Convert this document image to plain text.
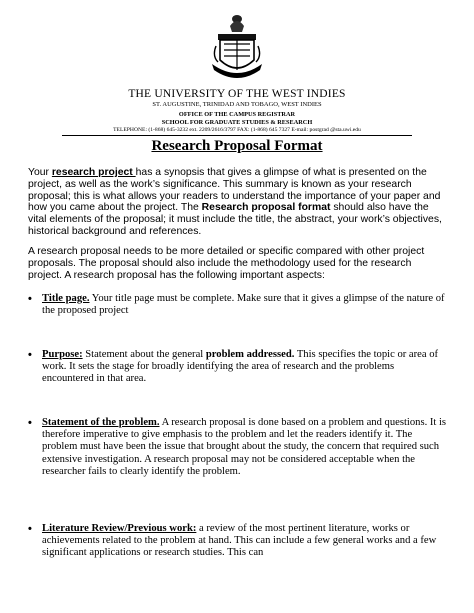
THE UNIVERSITY OF THE WEST INDIES
ST. AUGUSTINE, TRINIDAD AND TOBAGO, WEST INDIES
OFFICE OF THE CAMPUS REGISTRAR
SCHOOL FOR GRADUATE STUDIES & RESEARCH
TELEPHONE: (1-868) 645-3232 ext. 2209/2616/3797 FAX: (1-868) 645 7327 E-mail: postgrad @sta.uwi.edu
Research Proposal Format

Your research project has a synopsis that gives a glimpse of what is presented on the project, as well as the work’s significance. This summary is known as your research proposal; this is what allows your readers to understand the importance of your paper and how you came about the project. The Research proposal format should also have the vital elements of the proposal; it must include the title, the abstract, your work’s objectives, historical background and references.

A research proposal needs to be more detailed or specific compared with other project proposals. The proposal should also include the methodology used for the research project. A research proposal has the following important aspects:

• Title page. Your title page must be complete. Make sure that it gives a glimpse of the nature of the proposed project

• Purpose: Statement about the general problem addressed. This specifies the topic or area of work. It sets the stage for broadly identifying the area of research and the problems encountered in that area.

• Statement of the problem. A research proposal is done based on a problem and questions. It is therefore imperative to give emphasis to the problem and let the readers identify it. The problem must have been the issue that brought about the study, the concern that required such extensive investigation. A research proposal may not be considered acceptable when the researcher fails to clearly identify the problem.

• Literature Review/Previous work: a review of the most pertinent literature, works or achievements related to the problem at hand. This can include a few general works and a few significant applications or research studies. This can
